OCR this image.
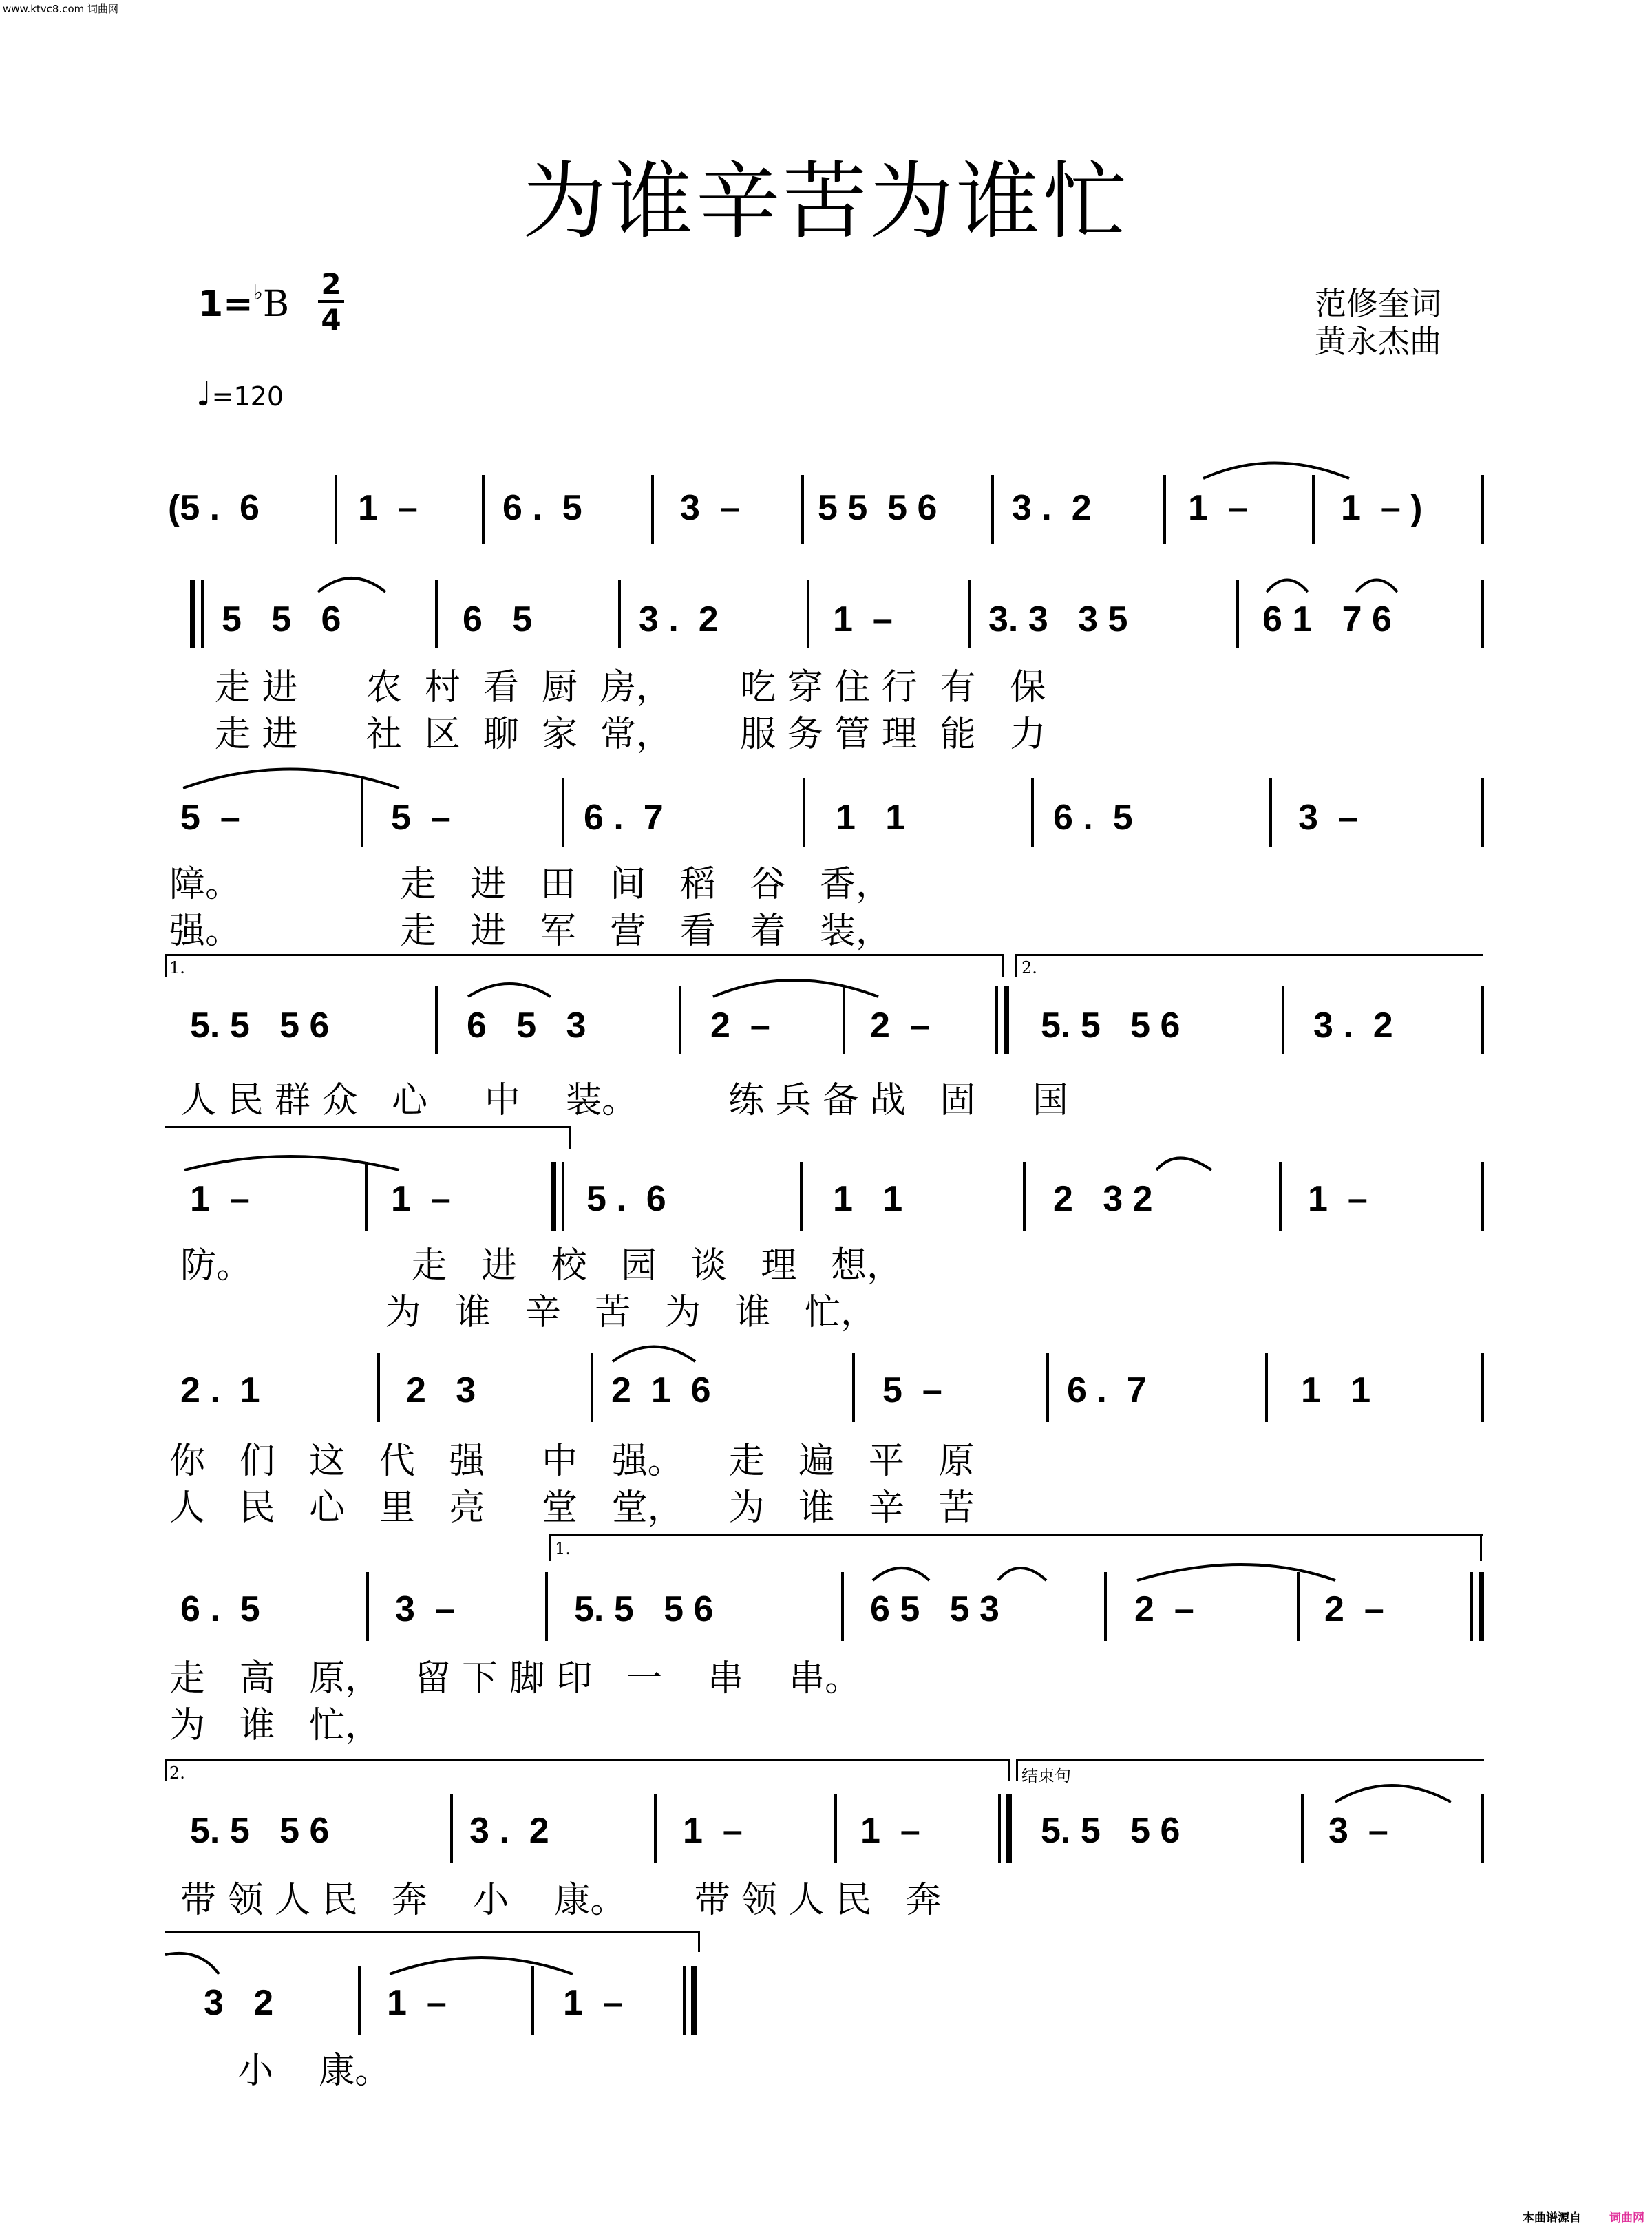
www.ktvc8.com 词曲网
为谁辛苦为谁忙
1=♭B 2
4
♩=120
范修奎词
黄永杰曲
(5 .  6	1  – 6 .  5	3  – 5 5  5 6 3 .  2	1  –	1  – )
5   5   6	6   5	3 .  2	1  –	3. 3   3 5	6 1   7 6
走 进      农  村  看  厨  房，      吃 穿 住 行  有   保
走 进      社  区  聊  家  常，      服 务 管 理  能   力
5  –	5  –	6 .  7	1   1	6 .  5	3  –
障。              走   进   田   间   稻   谷   香，
强。              走   进   军   营   看   着   装，
1.	2.
5. 5   5 6	6   5   3	2  –	2  –	5. 5   5 6	3 .  2
人 民 群 众   心     中    装。        练 兵 备 战   固     国
1  –	1  –	5 .  6	1   1	2   3 2	1  –
防。              走   进   校   园   谈   理   想，
为   谁   辛   苦   为   谁   忙，
2 .  1	2   3	2  1  6	5  –	6 .  7	1   1
你   们   这   代   强     中   强。    走   遍   平   原
人   民   心   里   亮     堂   堂，    为   谁   辛   苦
1.
6 .  5	3  –	5. 5   5 6	6 5   5 3	2  –	2  –
走   高   原，   留 下 脚 印   一    串    串。
为   谁   忙，
2.	结束句
5. 5   5 6	3 .  2	1  –	1  –	5. 5   5 6	3  –
带 领 人 民   奔    小    康。      带 领 人 民   奔
3   2	1  –	1  –
小    康。
本曲谱源自 词曲网
